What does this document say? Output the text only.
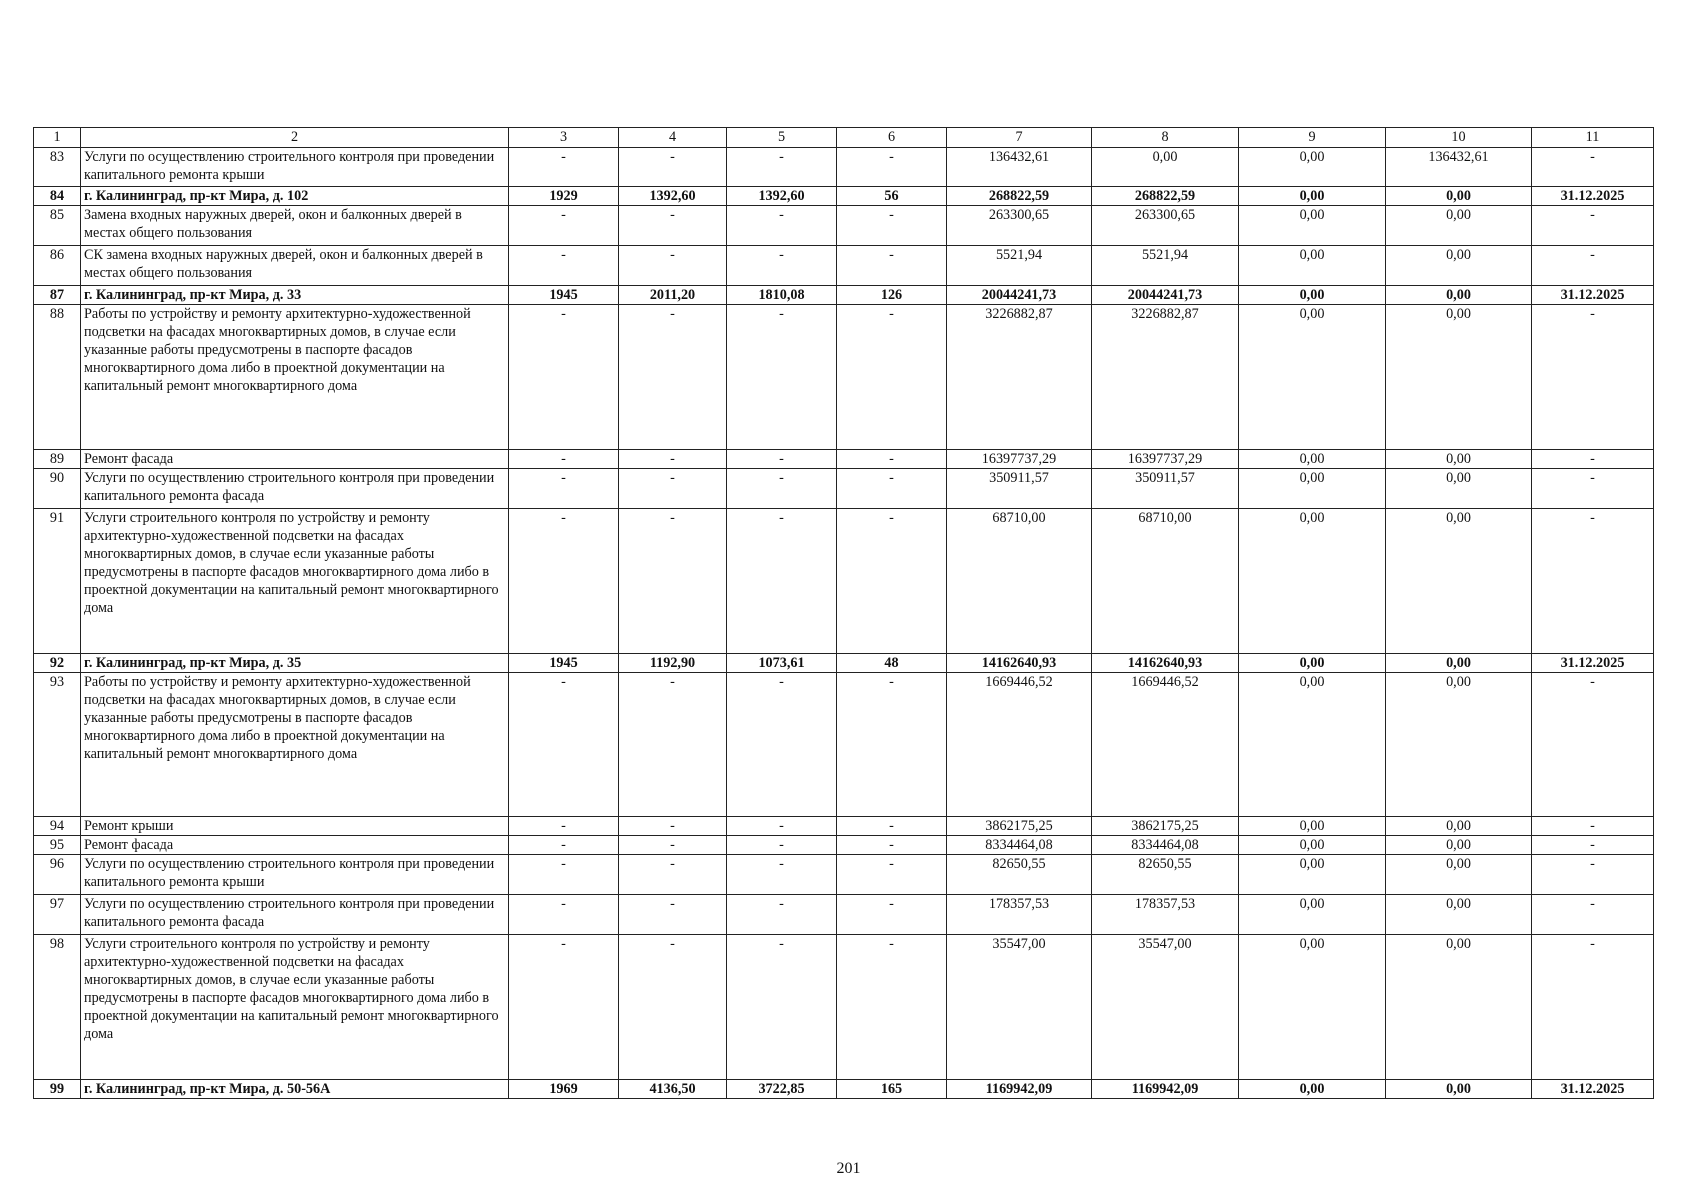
1	2	3	4	5	6	7	8	9	10	11
83	Услуги по осуществлению строительного контроля при проведении капитального ремонта крыши	-	-	-	-	136432,61	0,00	0,00	136432,61	-
84	г. Калининград, пр-кт Мира, д. 102	1929	1392,60	1392,60	56	268822,59	268822,59	0,00	0,00	31.12.2025
85	Замена входных наружных дверей, окон и балконных дверей в местах общего пользования	-	-	-	-	263300,65	263300,65	0,00	0,00	-
86	СК замена входных наружных дверей, окон и балконных дверей в местах общего пользования	-	-	-	-	5521,94	5521,94	0,00	0,00	-
87	г. Калининград, пр-кт Мира, д. 33	1945	2011,20	1810,08	126	20044241,73	20044241,73	0,00	0,00	31.12.2025
88	Работы по устройству и ремонту архитектурно-художественной подсветки на фасадах многоквартирных домов, в случае если указанные работы предусмотрены в паспорте фасадов многоквартирного дома либо в проектной документации на капитальный ремонт многоквартирного дома	-	-	-	-	3226882,87	3226882,87	0,00	0,00	-
89	Ремонт фасада	-	-	-	-	16397737,29	16397737,29	0,00	0,00	-
90	Услуги по осуществлению строительного контроля при проведении капитального ремонта фасада	-	-	-	-	350911,57	350911,57	0,00	0,00	-
91	Услуги строительного контроля по устройству и ремонту архитектурно-художественной подсветки на фасадах многоквартирных домов, в случае если указанные работы предусмотрены в паспорте фасадов многоквартирного дома либо в проектной документации на капитальный ремонт многоквартирного дома	-	-	-	-	68710,00	68710,00	0,00	0,00	-
92	г. Калининград, пр-кт Мира, д. 35	1945	1192,90	1073,61	48	14162640,93	14162640,93	0,00	0,00	31.12.2025
93	Работы по устройству и ремонту архитектурно-художественной подсветки на фасадах многоквартирных домов, в случае если указанные работы предусмотрены в паспорте фасадов многоквартирного дома либо в проектной документации на капитальный ремонт многоквартирного дома	-	-	-	-	1669446,52	1669446,52	0,00	0,00	-
94	Ремонт крыши	-	-	-	-	3862175,25	3862175,25	0,00	0,00	-
95	Ремонт фасада	-	-	-	-	8334464,08	8334464,08	0,00	0,00	-
96	Услуги по осуществлению строительного контроля при проведении капитального ремонта крыши	-	-	-	-	82650,55	82650,55	0,00	0,00	-
97	Услуги по осуществлению строительного контроля при проведении капитального ремонта фасада	-	-	-	-	178357,53	178357,53	0,00	0,00	-
98	Услуги строительного контроля по устройству и ремонту архитектурно-художественной подсветки на фасадах многоквартирных домов, в случае если указанные работы предусмотрены в паспорте фасадов многоквартирного дома либо в проектной документации на капитальный ремонт многоквартирного дома	-	-	-	-	35547,00	35547,00	0,00	0,00	-
99	г. Калининград, пр-кт Мира, д. 50-56А	1969	4136,50	3722,85	165	1169942,09	1169942,09	0,00	0,00	31.12.2025
201
